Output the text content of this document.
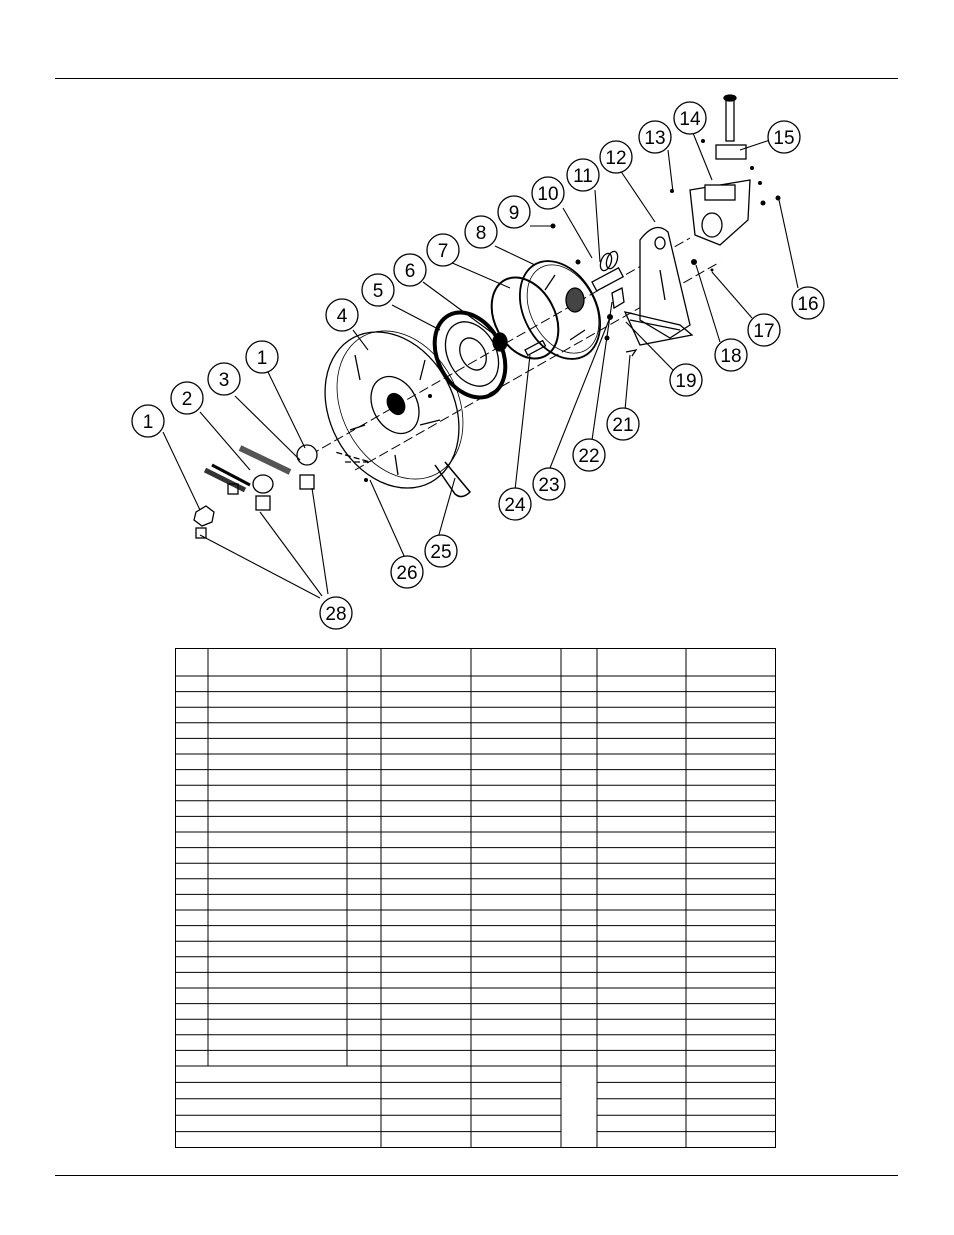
1
2
3
1
4
5
6
7
8
9
10
11
12
13
14
15
16
17
18
19
21
22
23
24
25
26
28
